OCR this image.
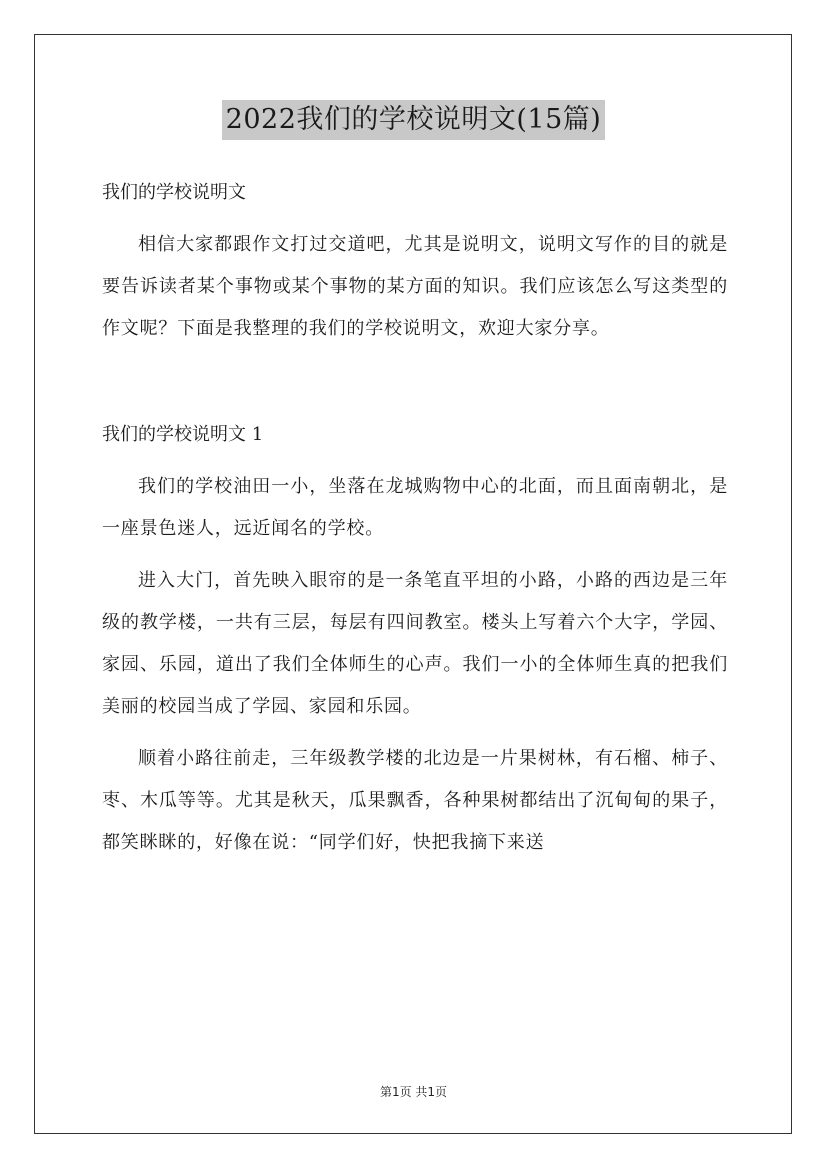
2022我们的学校说明文(15篇)

我们的学校说明文

相信大家都跟作文打过交道吧，尤其是说明文，说明文写作的目的就是要告诉读者某个事物或某个事物的某方面的知识。我们应该怎么写这类型的作文呢？下面是我整理的我们的学校说明文，欢迎大家分享。

我们的学校说明文 1

我们的学校油田一小，坐落在龙城购物中心的北面，而且面南朝北，是一座景色迷人，远近闻名的学校。

进入大门，首先映入眼帘的是一条笔直平坦的小路，小路的西边是三年级的教学楼，一共有三层，每层有四间教室。楼头上写着六个大字，学园、家园、乐园，道出了我们全体师生的心声。我们一小的全体师生真的把我们美丽的校园当成了学园、家园和乐园。

顺着小路往前走，三年级教学楼的北边是一片果树林，有石榴、柿子、枣、木瓜等等。尤其是秋天，瓜果飘香，各种果树都结出了沉甸甸的果子，都笑眯眯的，好像在说：“同学们好，快把我摘下来送

第1页 共1页
